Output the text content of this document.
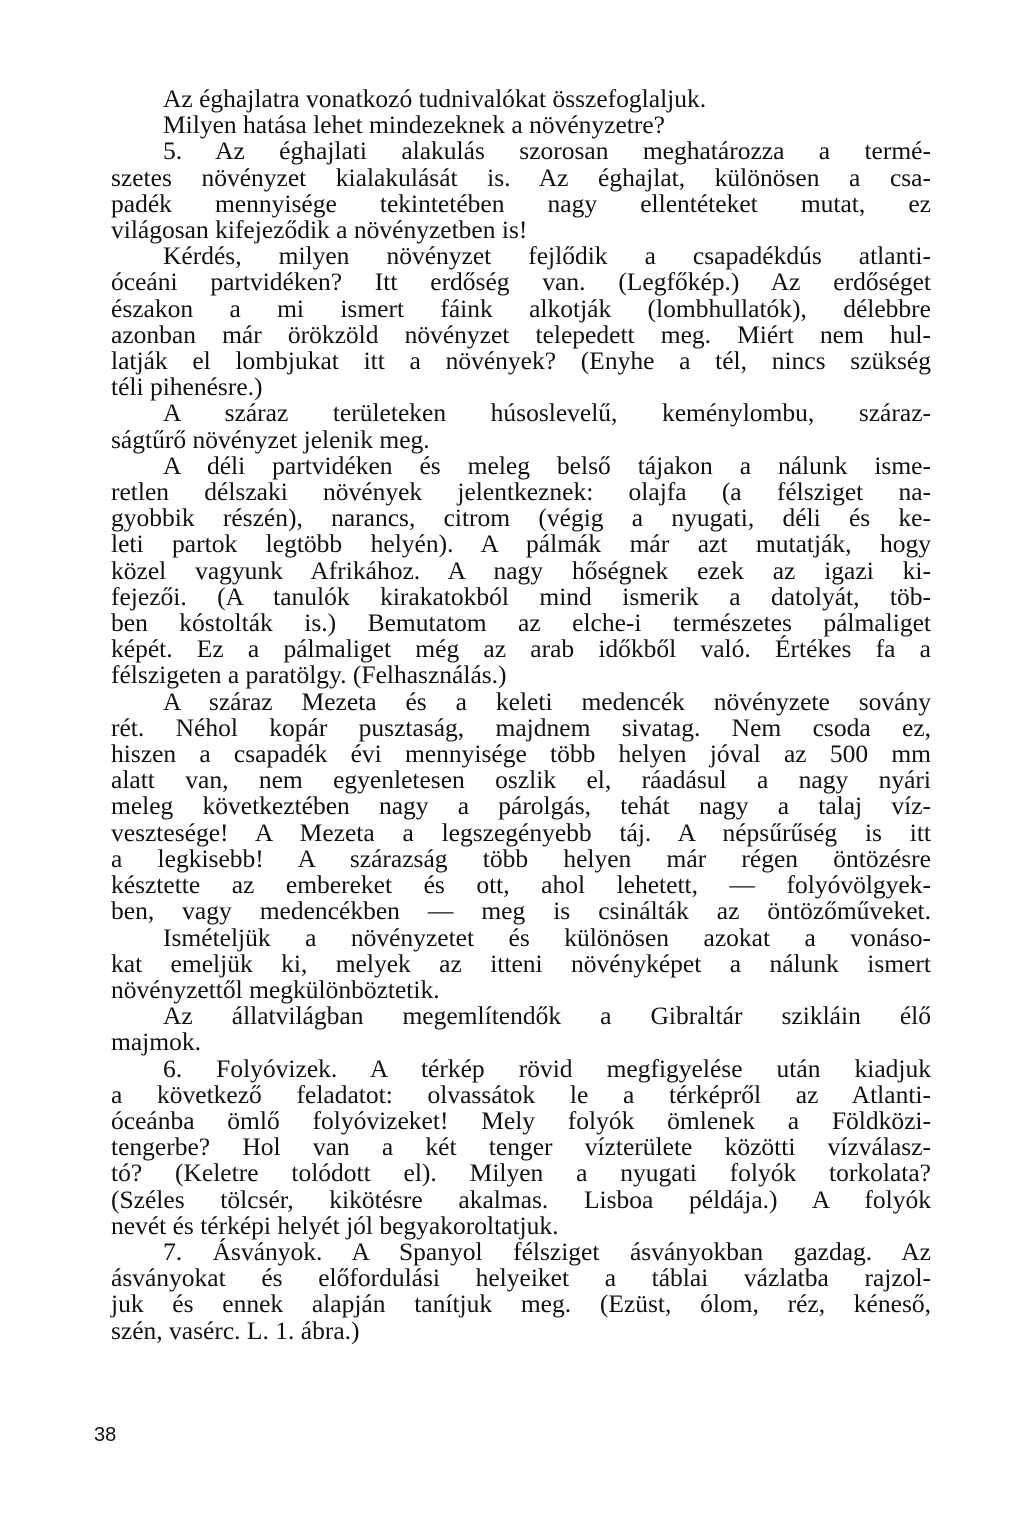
Az éghajlatra vonatkozó tudnivalókat összefoglaljuk.
Milyen hatása lehet mindezeknek a növényzetre?
5. Az éghajlati alakulás szorosan meghatározza a termé-
szetes növényzet kialakulását is. Az éghajlat, különösen a csa-
padék mennyisége tekintetében nagy ellentéteket mutat, ez
világosan kifejeződik a növényzetben is!
Kérdés, milyen növényzet fejlődik a csapadékdús atlanti-
óceáni partvidéken? Itt erdőség van. (Legfőkép.) Az erdőséget
északon a mi ismert fáink alkotják (lombhullatók), délebbre
azonban már örökzöld növényzet telepedett meg. Miért nem hul-
latják el lombjukat itt a növények? (Enyhe a tél, nincs szükség
téli pihenésre.)
A száraz területeken húsoslevelű, keménylombu, száraz-
ságtűrő növényzet jelenik meg.
A déli partvidéken és meleg belső tájakon a nálunk isme-
retlen délszaki növények jelentkeznek: olajfa (a félsziget na-
gyobbik részén), narancs, citrom (végig a nyugati, déli és ke-
leti partok legtöbb helyén). A pálmák már azt mutatják, hogy
közel vagyunk Afrikához. A nagy hőségnek ezek az igazi ki-
fejezői. (A tanulók kirakatokból mind ismerik a datolyát, töb-
ben kóstolták is.) Bemutatom az elche-i természetes pálmaliget
képét. Ez a pálmaliget még az arab időkből való. Értékes fa a
félszigeten a paratölgy. (Felhasználás.)
A száraz Mezeta és a keleti medencék növényzete sovány
rét. Néhol kopár pusztaság, majdnem sivatag. Nem csoda ez,
hiszen a csapadék évi mennyisége több helyen jóval az 500 mm
alatt van, nem egyenletesen oszlik el, ráadásul a nagy nyári
meleg következtében nagy a párolgás, tehát nagy a talaj víz-
vesztesége! A Mezeta a legszegényebb táj. A népsűrűség is itt
a legkisebb! A szárazság több helyen már régen öntözésre
késztette az embereket és ott, ahol lehetett, — folyóvölgyek-
ben, vagy medencékben — meg is csinálták az öntözőműveket.
Ismételjük a növényzetet és különösen azokat a vonáso-
kat emeljük ki, melyek az itteni növényképet a nálunk ismert
növényzettől megkülönböztetik.
Az állatvilágban megemlítendők a Gibraltár szikláin élő
majmok.
6. Folyóvizek. A térkép rövid megfigyelése után kiadjuk
a következő feladatot: olvassátok le a térképről az Atlanti-
óceánba ömlő folyóvizeket! Mely folyók ömlenek a Földközi-
tengerbe? Hol van a két tenger vízterülete közötti vízválasz-
tó? (Keletre tolódott el). Milyen a nyugati folyók torkolata?
(Széles tölcsér, kikötésre akalmas. Lisboa példája.) A folyók
nevét és térképi helyét jól begyakoroltatjuk.
7. Ásványok. A Spanyol félsziget ásványokban gazdag. Az
ásványokat és előfordulási helyeiket a táblai vázlatba rajzol-
juk és ennek alapján tanítjuk meg. (Ezüst, ólom, réz, kéneső,
szén, vasérc. L. 1. ábra.)
38
